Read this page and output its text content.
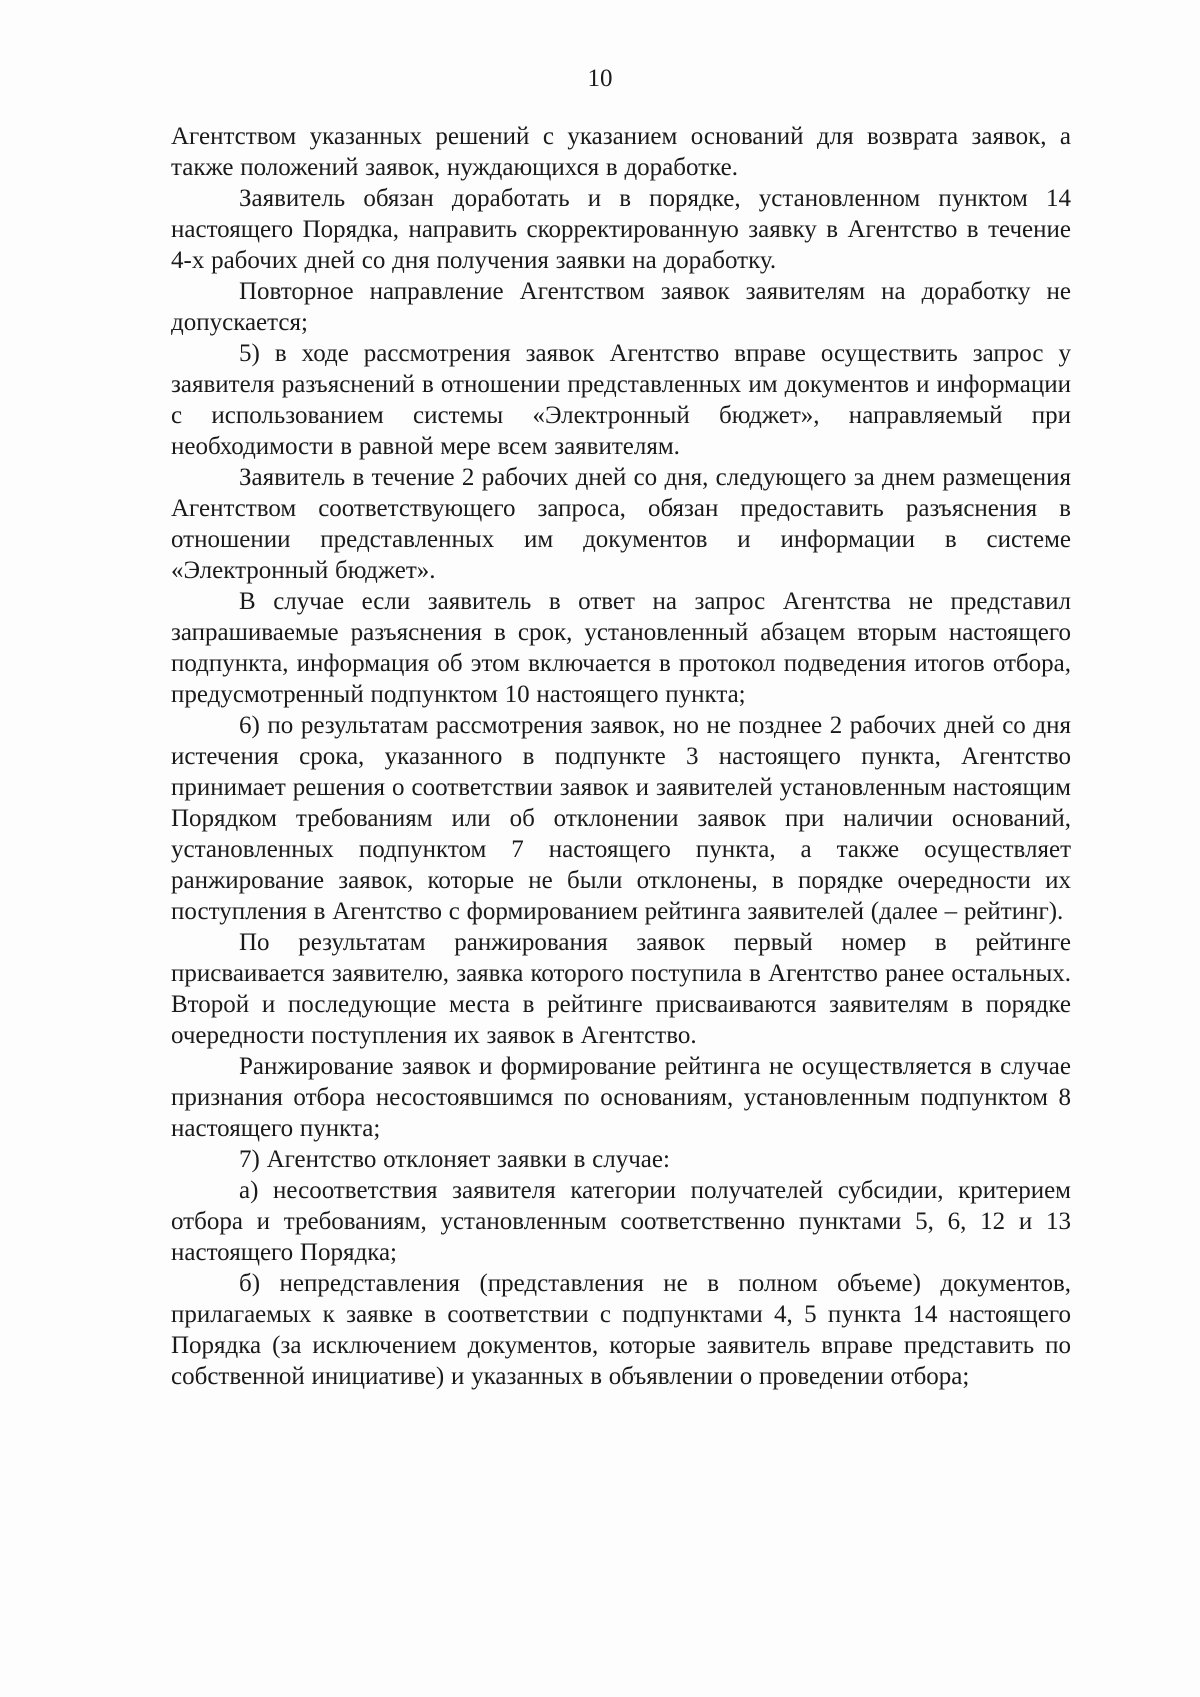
10

Агентством указанных решений с указанием оснований для возврата заявок, а также положений заявок, нуждающихся в доработке.

Заявитель обязан доработать и в порядке, установленном пунктом 14 настоящего Порядка, направить скорректированную заявку в Агентство в течение 4-х рабочих дней со дня получения заявки на доработку.

Повторное направление Агентством заявок заявителям на доработку не допускается;

5) в ходе рассмотрения заявок Агентство вправе осуществить запрос у заявителя разъяснений в отношении представленных им документов и информации с использованием системы «Электронный бюджет», направляемый при необходимости в равной мере всем заявителям.

Заявитель в течение 2 рабочих дней со дня, следующего за днем размещения Агентством соответствующего запроса, обязан предоставить разъяснения в отношении представленных им документов и информации в системе «Электронный бюджет».

В случае если заявитель в ответ на запрос Агентства не представил запрашиваемые разъяснения в срок, установленный абзацем вторым настоящего подпункта, информация об этом включается в протокол подведения итогов отбора, предусмотренный подпунктом 10 настоящего пункта;

6) по результатам рассмотрения заявок, но не позднее 2 рабочих дней со дня истечения срока, указанного в подпункте 3 настоящего пункта, Агентство принимает решения о соответствии заявок и заявителей установленным настоящим Порядком требованиям или об отклонении заявок при наличии оснований, установленных подпунктом 7 настоящего пункта, а также осуществляет ранжирование заявок, которые не были отклонены, в порядке очередности их поступления в Агентство с формированием рейтинга заявителей (далее – рейтинг).

По результатам ранжирования заявок первый номер в рейтинге присваивается заявителю, заявка которого поступила в Агентство ранее остальных. Второй и последующие места в рейтинге присваиваются заявителям в порядке очередности поступления их заявок в Агентство.

Ранжирование заявок и формирование рейтинга не осуществляется в случае признания отбора несостоявшимся по основаниям, установленным подпунктом 8 настоящего пункта;

7) Агентство отклоняет заявки в случае:

а) несоответствия заявителя категории получателей субсидии, критерием отбора и требованиям, установленным соответственно пунктами 5, 6, 12 и 13 настоящего Порядка;

б) непредставления (представления не в полном объеме) документов, прилагаемых к заявке в соответствии с подпунктами 4, 5 пункта 14 настоящего Порядка (за исключением документов, которые заявитель вправе представить по собственной инициативе) и указанных в объявлении о проведении отбора;
